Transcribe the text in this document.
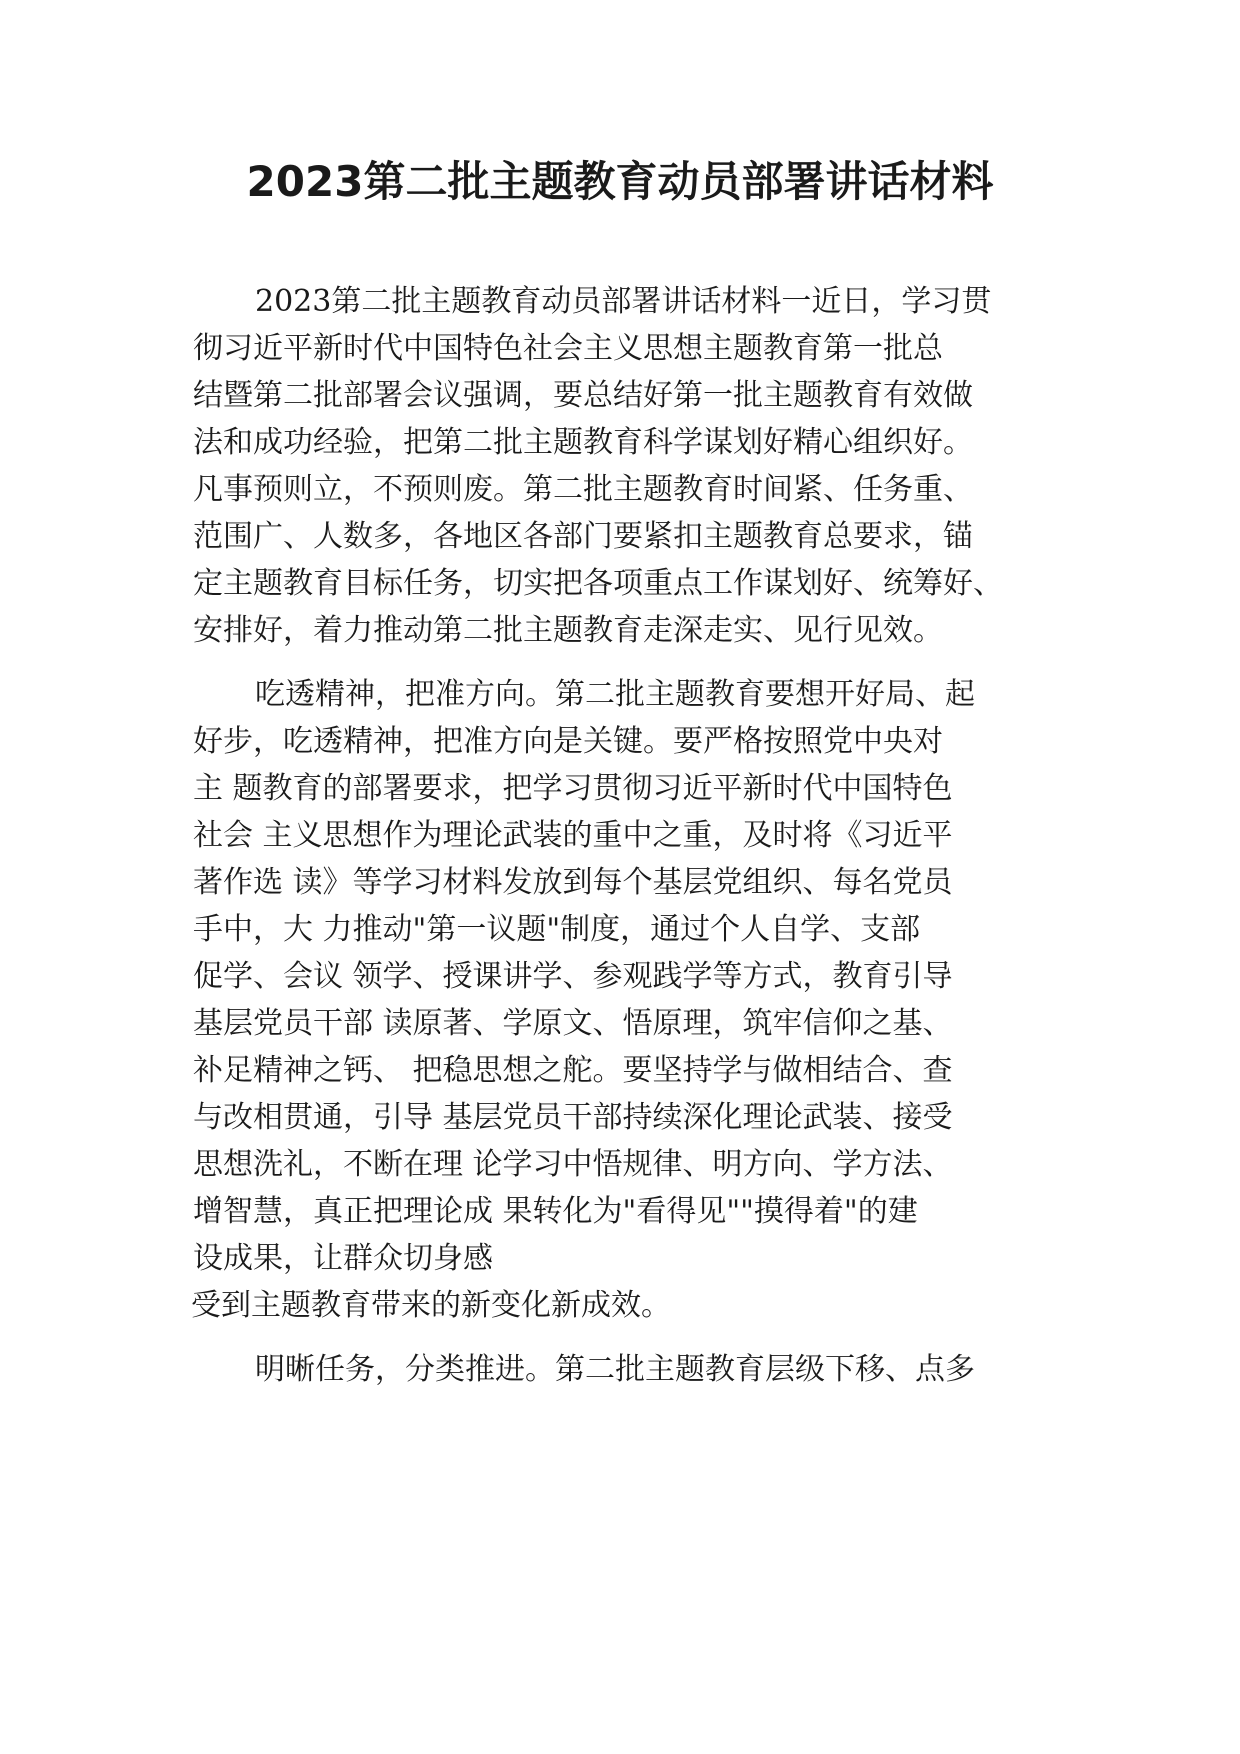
2023第二批主题教育动员部署讲话材料
2023第二批主题教育动员部署讲话材料一近日，学习贯
彻习近平新时代中国特色社会主义思想主题教育第一批总
结暨第二批部署会议强调，要总结好第一批主题教育有效做
法和成功经验，把第二批主题教育科学谋划好精心组织好。
凡事预则立，不预则废。第二批主题教育时间紧、任务重、
范围广、人数多，各地区各部门要紧扣主题教育总要求，锚
定主题教育目标任务，切实把各项重点工作谋划好、统筹好、
安排好，着力推动第二批主题教育走深走实、见行见效。
吃透精神，把准方向。第二批主题教育要想开好局、起
好步，吃透精神，把准方向是关键。要严格按照党中央对
主 题教育的部署要求，把学习贯彻习近平新时代中国特色
社会 主义思想作为理论武装的重中之重，及时将《习近平
著作选 读》等学习材料发放到每个基层党组织、每名党员
手中，大 力推动"第一议题"制度，通过个人自学、支部
促学、会议 领学、授课讲学、参观践学等方式，教育引导
基层党员干部 读原著、学原文、悟原理，筑牢信仰之基、
补足精神之钙、 把稳思想之舵。要坚持学与做相结合、查
与改相贯通，引导 基层党员干部持续深化理论武装、接受
思想洗礼，不断在理 论学习中悟规律、明方向、学方法、
增智慧，真正把理论成 果转化为"看得见""摸得着"的建
设成果，让群众切身感
受到主题教育带来的新变化新成效。
明晰任务，分类推进。第二批主题教育层级下移、点多
